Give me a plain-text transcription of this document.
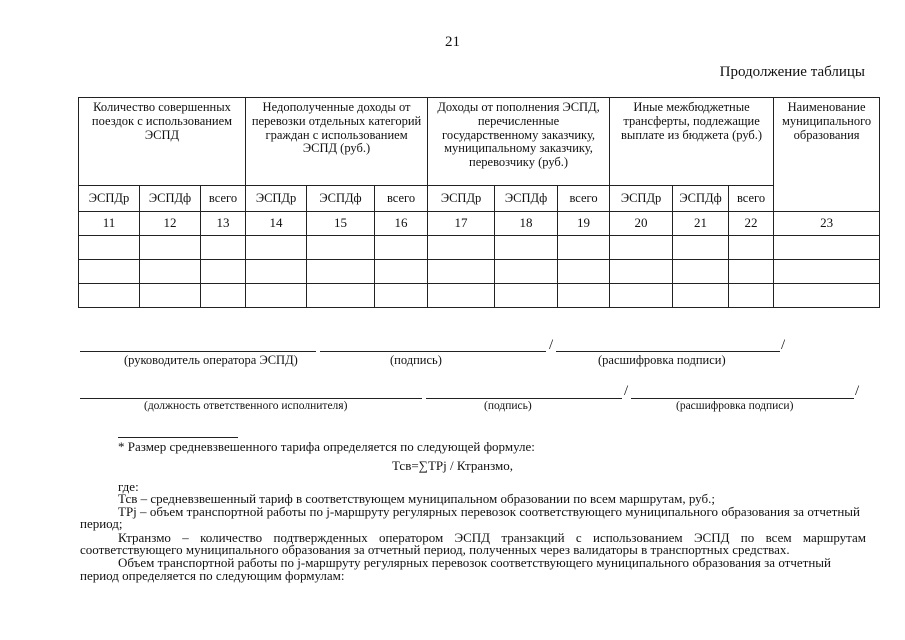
21
Продолжение таблицы
Количество совершенных поездок с использованием ЭСПД			Недополученные доходы от перевозки отдельных категорий граждан с использованием ЭСПД (руб.)			Доходы от пополнения ЭСПД, перечисленные государственному заказчику, муниципальному заказчику, перевозчику (руб.)			Иные межбюджетные трансферты, подлежащие выплате из бюджета (руб.)			Наименование муниципального образования
ЭСПДр	ЭСПДф	всего	ЭСПДр	ЭСПДф	всего	ЭСПДр	ЭСПДф	всего	ЭСПДр	ЭСПДф	всего	
11	12	13	14	15	16	17	18	19	20	21	22	23

/	/
(руководитель оператора ЭСПД)	(подпись)	(расшифровка подписи)
/	/
(должность ответственного исполнителя)	(подпись)	(расшифровка подписи)
* Размер средневзвешенного тарифа определяется по следующей формуле:
Тсв=∑ТРj / Ктранзмо,
где:
Тсв – средневзвешенный тариф в соответствующем муниципальном образовании по всем маршрутам, руб.;
ТРj – объем транспортной работы по j-маршруту регулярных перевозок соответствующего муниципального образования за отчетный
период;
Ктранзмо – количество подтвержденных оператором ЭСПД транзакций с использованием ЭСПД по всем маршрутам
соответствующего муниципального образования за отчетный период, полученных через валидаторы в транспортных средствах.
Объем транспортной работы по j-маршруту регулярных перевозок соответствующего муниципального образования за отчетный
период определяется по следующим формулам:
